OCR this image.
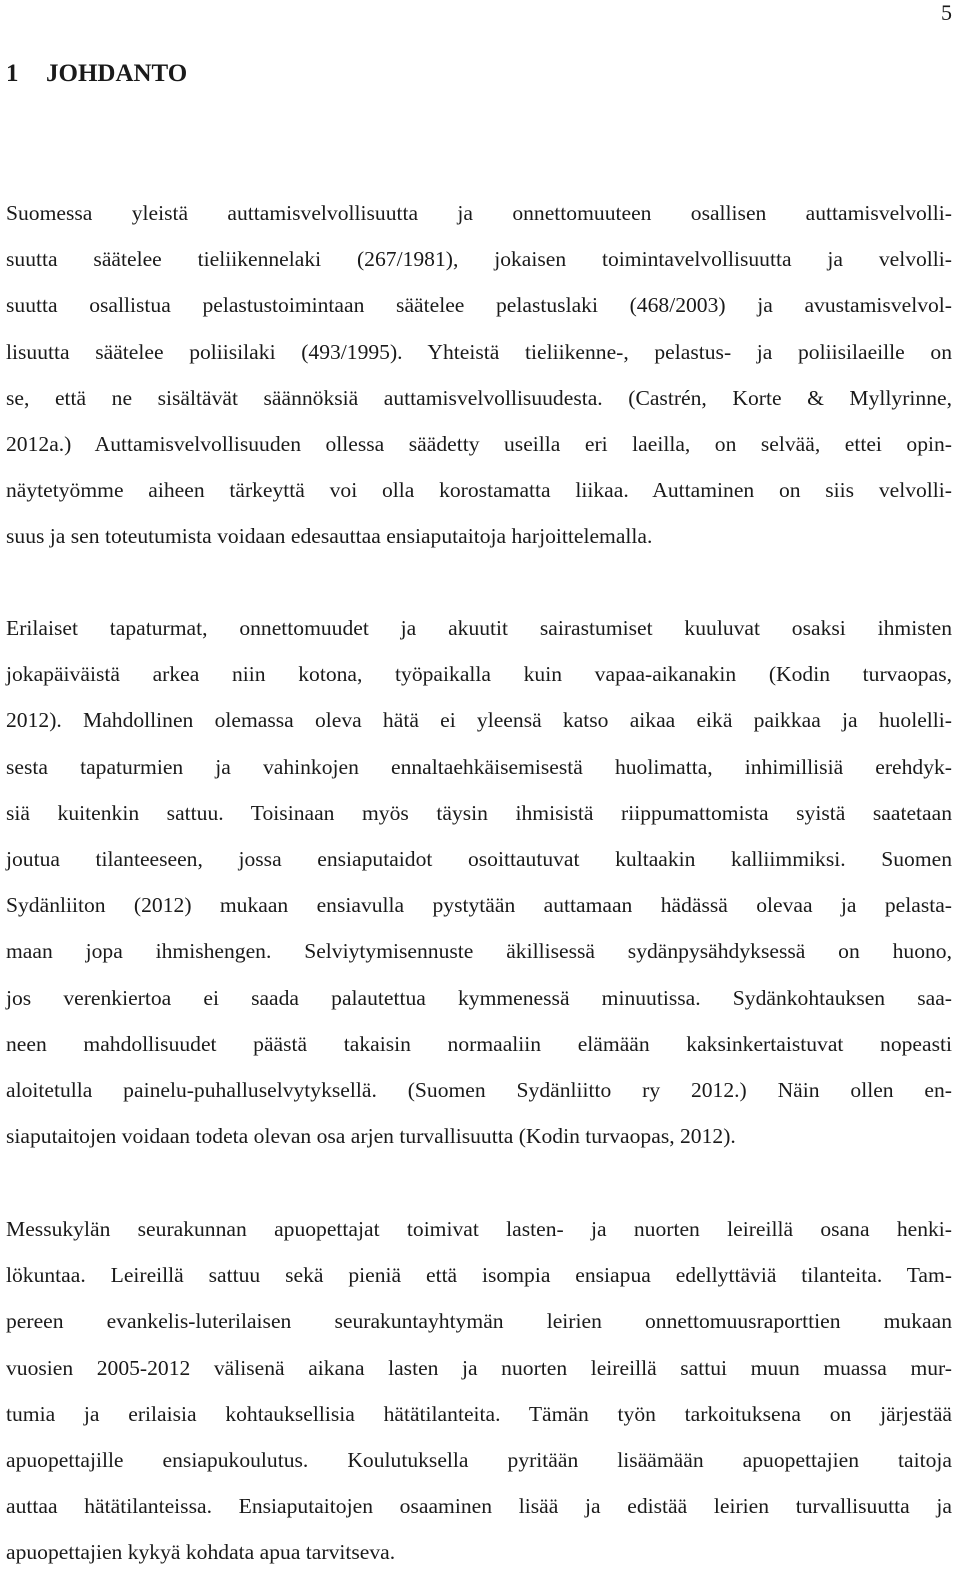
5
1 JOHDANTO
Suomessa yleistä auttamisvelvollisuutta ja onnettomuuteen osallisen auttamisvelvolli-
suutta säätelee tieliikennelaki (267/1981), jokaisen toimintavelvollisuutta ja velvolli-
suutta osallistua pelastustoimintaan säätelee pelastuslaki (468/2003) ja avustamisvelvol-
lisuutta säätelee poliisilaki (493/1995). Yhteistä tieliikenne-, pelastus- ja poliisilaeille on
se, että ne sisältävät säännöksiä auttamisvelvollisuudesta. (Castrén, Korte & Myllyrinne,
2012a.) Auttamisvelvollisuuden ollessa säädetty useilla eri laeilla, on selvää, ettei opin-
näytetyömme aiheen tärkeyttä voi olla korostamatta liikaa. Auttaminen on siis velvolli-
suus ja sen toteutumista voidaan edesauttaa ensiaputaitoja harjoittelemalla.
Erilaiset tapaturmat, onnettomuudet ja akuutit sairastumiset kuuluvat osaksi ihmisten
jokapäiväistä arkea niin kotona, työpaikalla kuin vapaa-aikanakin (Kodin turvaopas,
2012). Mahdollinen olemassa oleva hätä ei yleensä katso aikaa eikä paikkaa ja huolelli-
sesta tapaturmien ja vahinkojen ennaltaehkäisemisestä huolimatta, inhimillisiä erehdyk-
siä kuitenkin sattuu. Toisinaan myös täysin ihmisistä riippumattomista syistä saatetaan
joutua tilanteeseen, jossa ensiaputaidot osoittautuvat kultaakin kalliimmiksi. Suomen
Sydänliiton (2012) mukaan ensiavulla pystytään auttamaan hädässä olevaa ja pelasta-
maan jopa ihmishengen. Selviytymisennuste äkillisessä sydänpysähdyksessä on huono,
jos verenkiertoa ei saada palautettua kymmenessä minuutissa. Sydänkohtauksen saa-
neen mahdollisuudet päästä takaisin normaaliin elämään kaksinkertaistuvat nopeasti
aloitetulla painelu-puhalluselvytyksellä. (Suomen Sydänliitto ry 2012.) Näin ollen en-
siaputaitojen voidaan todeta olevan osa arjen turvallisuutta (Kodin turvaopas, 2012).
Messukylän seurakunnan apuopettajat toimivat lasten- ja nuorten leireillä osana henki-
lökuntaa. Leireillä sattuu sekä pieniä että isompia ensiapua edellyttäviä tilanteita. Tam-
pereen evankelis-luterilaisen seurakuntayhtymän leirien onnettomuusraporttien mukaan
vuosien 2005-2012 välisenä aikana lasten ja nuorten leireillä sattui muun muassa mur-
tumia ja erilaisia kohtauksellisia hätätilanteita. Tämän työn tarkoituksena on järjestää
apuopettajille ensiapukoulutus. Koulutuksella pyritään lisäämään apuopettajien taitoja
auttaa hätätilanteissa. Ensiaputaitojen osaaminen lisää ja edistää leirien turvallisuutta ja
apuopettajien kykyä kohdata apua tarvitseva.
